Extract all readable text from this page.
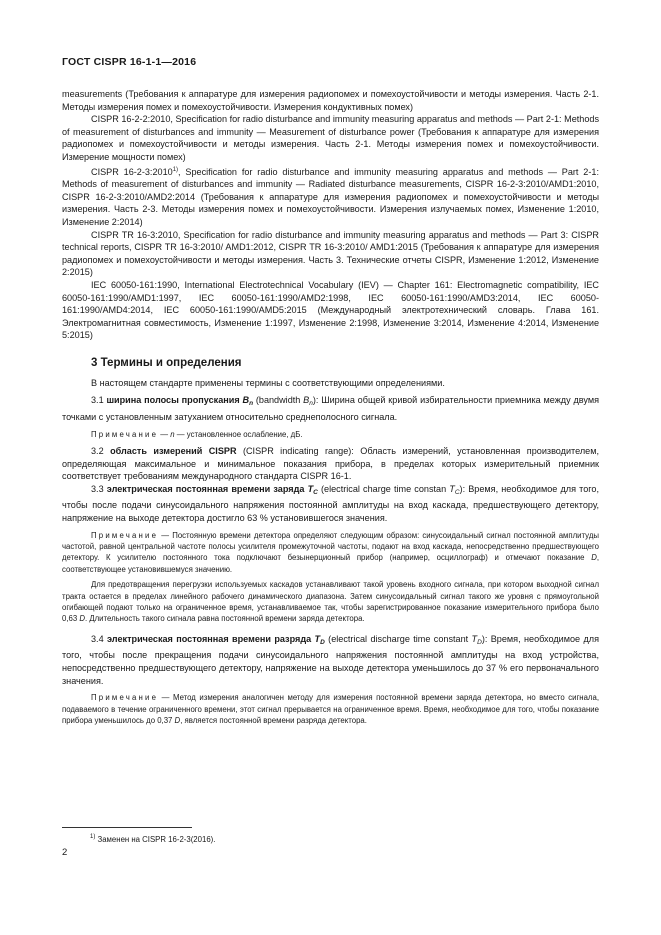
ГОСТ CISPR 16-1-1—2016

measurements (Требования к аппаратуре для измерения радиопомех и помехоустойчивости и методы измерения. Часть 2-1. Методы измерения помех и помехоустойчивости. Измерения кондуктивных помех)

CISPR 16-2-2:2010, Specification for radio disturbance and immunity measuring apparatus and methods — Part 2-1: Methods of measurement of disturbances and immunity — Measurement of disturbance power (Требования к аппаратуре для измерения радиопомех и помехоустойчивости и методы измерения. Часть 2-1. Методы измерения помех и помехоустойчивости. Измерение мощности помех)

CISPR 16-2-3:2010$^{1)}$, Specification for radio disturbance and immunity measuring apparatus and methods — Part 2-1: Methods of measurement of disturbances and immunity — Radiated disturbance measurements, CISPR 16-2-3:2010/AMD1:2010, CISPR 16-2-3:2010/AMD2:2014 (Требования к аппаратуре для измерения радиопомех и помехоустойчивости и методы измерения. Часть 2-3. Методы измерения помех и помехоустойчивости. Измерения излучаемых помех, Изменение 1:2010, Изменение 2:2014)

CISPR TR 16-3:2010, Specification for radio disturbance and immunity measuring apparatus and methods — Part 3: CISPR technical reports, CISPR TR 16-3:2010/ AMD1:2012, CISPR TR 16-3:2010/ AMD1:2015 (Требования к аппаратуре для измерения радиопомех и помехоустойчивости и методы измерения. Часть 3. Технические отчеты CISPR, Изменение 1:2012, Изменение 2:2015)

IEC 60050-161:1990, International Electrotechnical Vocabulary (IEV) — Chapter 161: Electromagnetic compatibility, IEC 60050-161:1990/AMD1:1997, IEC 60050-161:1990/AMD2:1998, IEC 60050-161:1990/AMD3:2014, IEC 60050-161:1990/AMD4:2014, IEC 60050-161:1990/AMD5:2015 (Международный электротехнический словарь. Глава 161. Электромагнитная совместимость, Изменение 1:1997, Изменение 2:1998, Изменение 3:2014, Изменение 4:2014, Изменение 5:2015)

3 Термины и определения

В настоящем стандарте применены термины с соответствующими определениями.

3.1 ширина полосы пропускания $B_n$ (bandwidth $B_n$): Ширина общей кривой избирательности приемника между двумя точками с установленным затуханием относительно среднеполосного сигнала.

Примечание — n — установленное ослабление, дБ.

3.2 область измерений CISPR (CISPR indicating range): Область измерений, установленная производителем, определяющая максимальное и минимальное показания прибора, в пределах которых измерительный приемник соответствует требованиям международного стандарта CISPR 16-1.

3.3 электрическая постоянная времени заряда $T_C$ (electrical charge time constan $T_C$): Время, необходимое для того, чтобы после подачи синусоидального напряжения постоянной амплитуды на вход каскада, предшествующего детектору, напряжение на выходе детектора достигло 63 % установившегося значения.

Примечание — Постоянную времени детектора определяют следующим образом: синусоидальный сигнал постоянной амплитуды частотой, равной центральной частоте полосы усилителя промежуточной частоты, подают на вход каскада, непосредственно предшествующего детектору. К усилителю постоянного тока подключают безынерционный прибор (например, осциллограф) и отмечают показание D, соответствующее установившемуся значению.

Для предотвращения перегрузки используемых каскадов устанавливают такой уровень входного сигнала, при котором выходной сигнал тракта остается в пределах линейного рабочего динамического диапазона. Затем синусоидальный сигнал такого же уровня с прямоугольной огибающей подают только на ограниченное время, устанавливаемое так, чтобы зарегистрированное показание измерительного прибора было 0,63 D. Длительность такого сигнала равна постоянной времени заряда детектора.

3.4 электрическая постоянная времени разряда $T_D$ (electrical discharge time constant $T_D$): Время, необходимое для того, чтобы после прекращения подачи синусоидального напряжения постоянной амплитуды на вход устройства, непосредственно предшествующего детектору, напряжение на выходе детектора уменьшилось до 37 % его первоначального значения.

Примечание — Метод измерения аналогичен методу для измерения постоянной времени заряда детектора, но вместо сигнала, подаваемого в течение ограниченного времени, этот сигнал прерывается на ограниченное время. Время, необходимое для того, чтобы показание прибора уменьшилось до 0,37 D, является постоянной времени разряда детектора.

$^{1)}$ Заменен на CISPR 16-2-3(2016).
2
